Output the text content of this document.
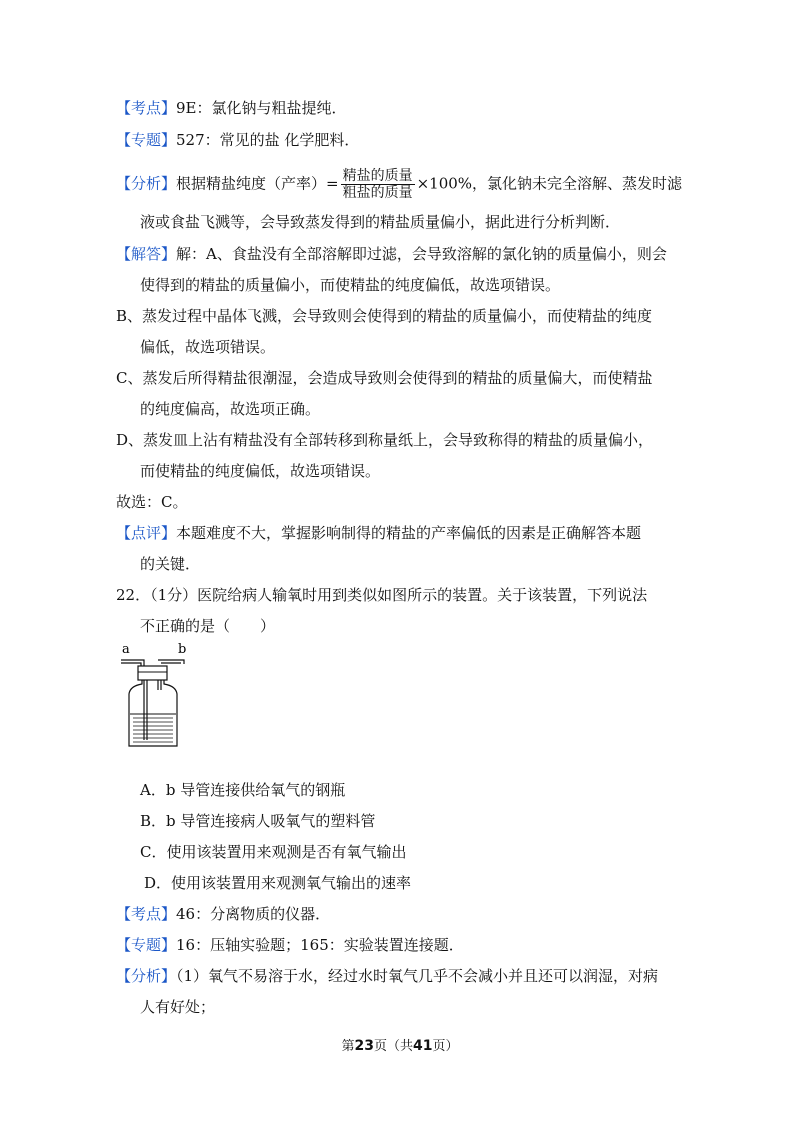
【考点】9E：氯化钠与粗盐提纯．
【专题】527：常见的盐 化学肥料．
【分析】根据精盐纯度（产率）= $\frac{\text{精盐的质量}}{\text{粗盐的质量}} \times 100\%$，氯化钠未完全溶解、蒸发时滤
液或食盐飞溅等，会导致蒸发得到的精盐质量偏小，据此进行分析判断．
【解答】解：A、食盐没有全部溶解即过滤，会导致溶解的氯化钠的质量偏小，则会
使得到的精盐的质量偏小，而使精盐的纯度偏低，故选项错误。
B、蒸发过程中晶体飞溅，会导致则会使得到的精盐的质量偏小，而使精盐的纯度
偏低，故选项错误。
C、蒸发后所得精盐很潮湿，会造成导致则会使得到的精盐的质量偏大，而使精盐
的纯度偏高，故选项正确。
D、蒸发皿上沾有精盐没有全部转移到称量纸上，会导致称得的精盐的质量偏小，
而使精盐的纯度偏低，故选项错误。
故选：C。
【点评】本题难度不大，掌握影响制得的精盐的产率偏低的因素是正确解答本题
的关键．
22．（1分）医院给病人输氧时用到类似如图所示的装置。关于该装置，下列说法
不正确的是（　　）
a	b
A．b 导管连接供给氧气的钢瓶
B．b 导管连接病人吸氧气的塑料管
C．使用该装置用来观测是否有氧气输出
D．使用该装置用来观测氧气输出的速率
【考点】46：分离物质的仪器．
【专题】16：压轴实验题；165：实验装置连接题．
【分析】（1）氧气不易溶于水，经过水时氧气几乎不会减小并且还可以润湿，对病
人有好处；
第23页（共41页）
